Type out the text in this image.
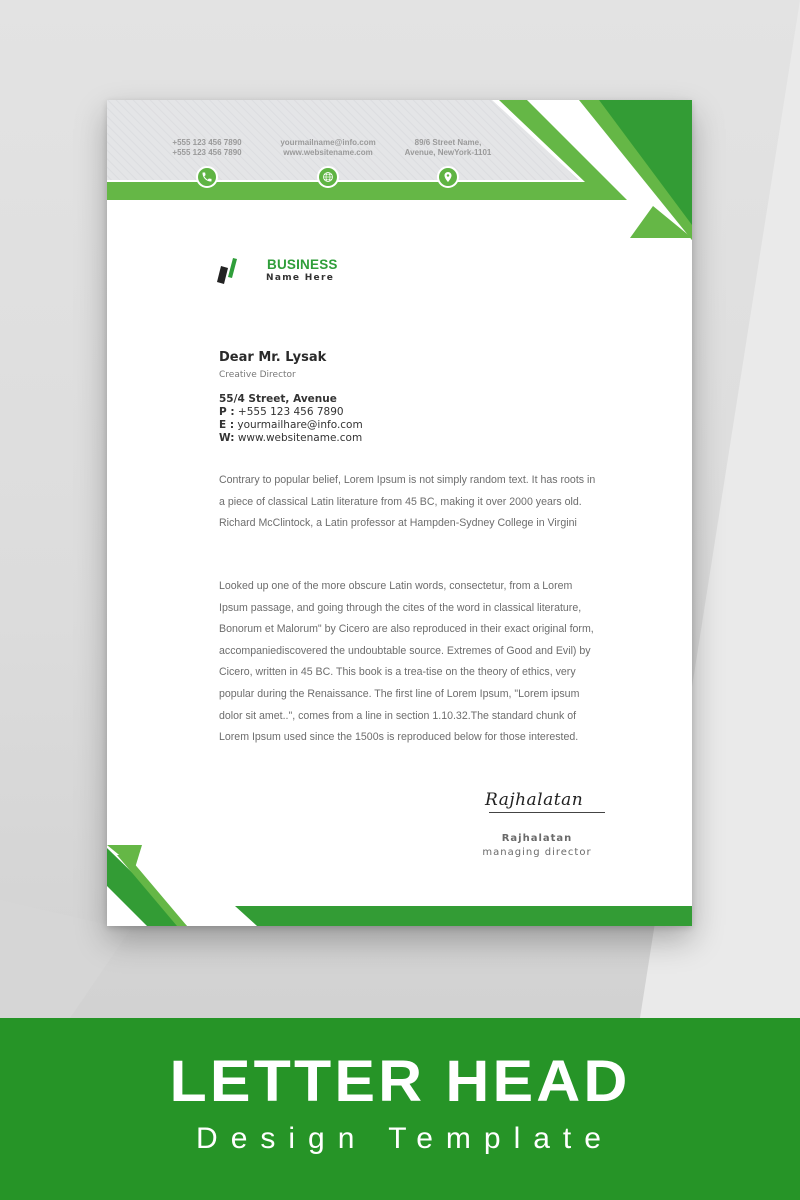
+555 123 456 7890
+555 123 456 7890
yourmailname@info.com
www.websitename.com
89/6 Street Name,
Avenue, NewYork-1101
BUSINESS
Name Here
Dear Mr. Lysak
Creative Director
55/4 Street, Avenue
P : +555 123 456 7890
E : yourmailhare@info.com
W: www.websitename.com
Contrary to popular belief, Lorem Ipsum is not simply random text. It has roots in a piece of classical Latin literature from 45 BC, making it over 2000 years old. Richard McClintock, a Latin professor at Hampden-Sydney College in Virgini
Looked up one of the more obscure Latin words, consectetur, from a Lorem Ipsum passage, and going through the cites of the word in classical literature, Bonorum et Malorum" by Cicero are also reproduced in their exact original form, accompaniediscovered the undoubtable source. Extremes of Good and Evil) by Cicero, written in 45 BC. This book is a trea-tise on the theory of ethics, very popular during the Renaissance. The first line of Lorem Ipsum, "Lorem ipsum dolor sit amet..", comes from a line in section 1.10.32.The standard chunk of Lorem Ipsum used since the 1500s is reproduced below for those interested.
Rajhalatan
Rajhalatan
managing director
LETTER HEAD
Design Template
